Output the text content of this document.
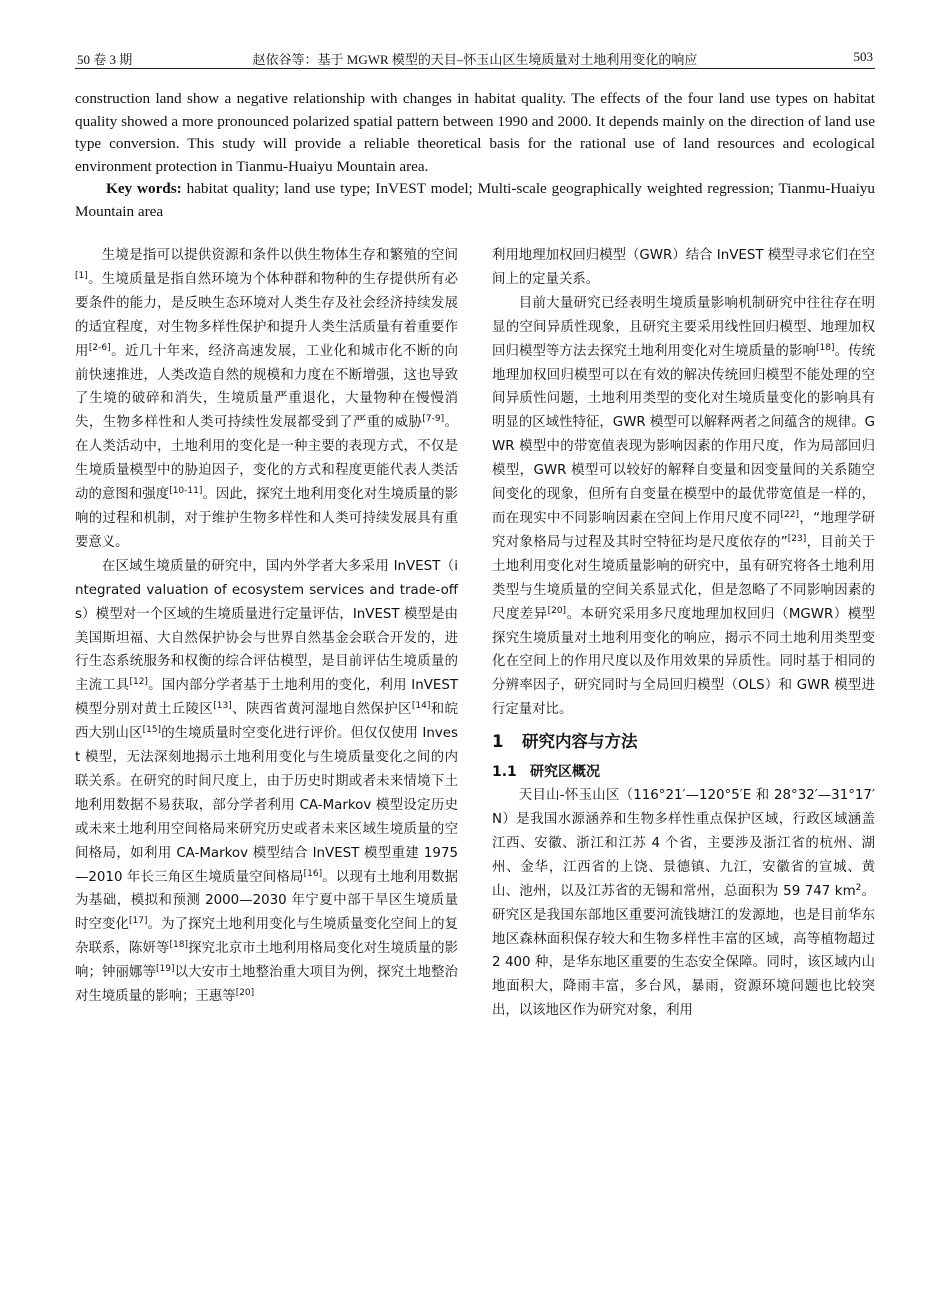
50 卷 3 期	赵依谷等：基于 MGWR 模型的天目–怀玉山区生境质量对土地利用变化的响应	503

construction land show a negative relationship with changes in habitat quality. The effects of the four land use types on habitat quality showed a more pronounced polarized spatial pattern between 1990 and 2000. It depends mainly on the direction of land use type conversion. This study will provide a reliable theoretical basis for the rational use of land resources and ecological environment protection in Tianmu-Huaiyu Mountain area.

Key words: habitat quality; land use type; InVEST model; Multi-scale geographically weighted regression; Tianmu-Huaiyu Mountain area

生境是指可以提供资源和条件以供生物体生存和繁殖的空间[1]。生境质量是指自然环境为个体种群和物种的生存提供所有必要条件的能力，是反映生态环境对人类生存及社会经济持续发展的适宜程度，对生物多样性保护和提升人类生活质量有着重要作用[2-6]。近几十年来，经济高速发展，工业化和城市化不断的向前快速推进，人类改造自然的规模和力度在不断增强，这也导致了生境的破碎和消失，生境质量严重退化，大量物种在慢慢消失，生物多样性和人类可持续性发展都受到了严重的威胁[7-9]。在人类活动中，土地利用的变化是一种主要的表现方式，不仅是生境质量模型中的胁迫因子，变化的方式和程度更能代表人类活动的意图和强度[10-11]。因此，探究土地利用变化对生境质量的影响的过程和机制，对于维护生物多样性和人类可持续发展具有重要意义。

在区域生境质量的研究中，国内外学者大多采用 InVEST（integrated valuation of ecosystem services and trade-offs）模型对一个区域的生境质量进行定量评估，InVEST 模型是由美国斯坦福、大自然保护协会与世界自然基金会联合开发的，进行生态系统服务和权衡的综合评估模型，是目前评估生境质量的主流工具[12]。国内部分学者基于土地利用的变化，利用 InVEST 模型分别对黄土丘陵区[13]、陕西省黄河湿地自然保护区[14]和皖西大别山区[15]的生境质量时空变化进行评价。但仅仅使用 Invest 模型，无法深刻地揭示土地利用变化与生境质量变化之间的内联关系。在研究的时间尺度上，由于历史时期或者未来情境下土地利用数据不易获取，部分学者利用 CA-Markov 模型设定历史或未来土地利用空间格局来研究历史或者未来区域生境质量的空间格局，如利用 CA-Markov 模型结合 InVEST 模型重建 1975—2010 年长三角区生境质量空间格局[16]。以现有土地利用数据为基础，模拟和预测 2000—2030 年宁夏中部干旱区生境质量时空变化[17]。为了探究土地利用变化与生境质量变化空间上的复杂联系，陈妍等[18]探究北京市土地利用格局变化对生境质量的影响；钟丽娜等[19]以大安市土地整治重大项目为例，探究土地整治对生境质量的影响；王惠等[20]

利用地理加权回归模型（GWR）结合 InVEST 模型寻求它们在空间上的定量关系。

目前大量研究已经表明生境质量影响机制研究中往往存在明显的空间异质性现象，且研究主要采用线性回归模型、地理加权回归模型等方法去探究土地利用变化对生境质量的影响[18]。传统地理加权回归模型可以在有效的解决传统回归模型不能处理的空间异质性问题，土地利用类型的变化对生境质量变化的影响具有明显的区域性特征，GWR 模型可以解释两者之间蕴含的规律。GWR 模型中的带宽值表现为影响因素的作用尺度，作为局部回归模型，GWR 模型可以较好的解释自变量和因变量间的关系随空间变化的现象，但所有自变量在模型中的最优带宽值是一样的，而在现实中不同影响因素在空间上作用尺度不同[22]，“地理学研究对象格局与过程及其时空特征均是尺度依存的”[23]，目前关于土地利用变化对生境质量影响的研究中，虽有研究将各土地利用类型与生境质量的空间关系显式化，但是忽略了不同影响因素的尺度差异[20]。本研究采用多尺度地理加权回归（MGWR）模型探究生境质量对土地利用变化的响应，揭示不同土地利用类型变化在空间上的作用尺度以及作用效果的异质性。同时基于相同的分辨率因子，研究同时与全局回归模型（OLS）和 GWR 模型进行定量对比。

1 研究内容与方法
1.1 研究区概况

天目山-怀玉山区（116°21′—120°5′E 和 28°32′—31°17′N）是我国水源涵养和生物多样性重点保护区域，行政区域涵盖江西、安徽、浙江和江苏 4 个省，主要涉及浙江省的杭州、湖州、金华，江西省的上饶、景德镇、九江，安徽省的宣城、黄山、池州，以及江苏省的无锡和常州，总面积为 59 747 $km^2$。研究区是我国东部地区重要河流钱塘江的发源地，也是目前华东地区森林面积保存较大和生物多样性丰富的区域，高等植物超过 2 400 种，是华东地区重要的生态安全保障。同时，该区域内山地面积大，降雨丰富，多台风，暴雨，资源环境问题也比较突出，以该地区作为研究对象，利用
